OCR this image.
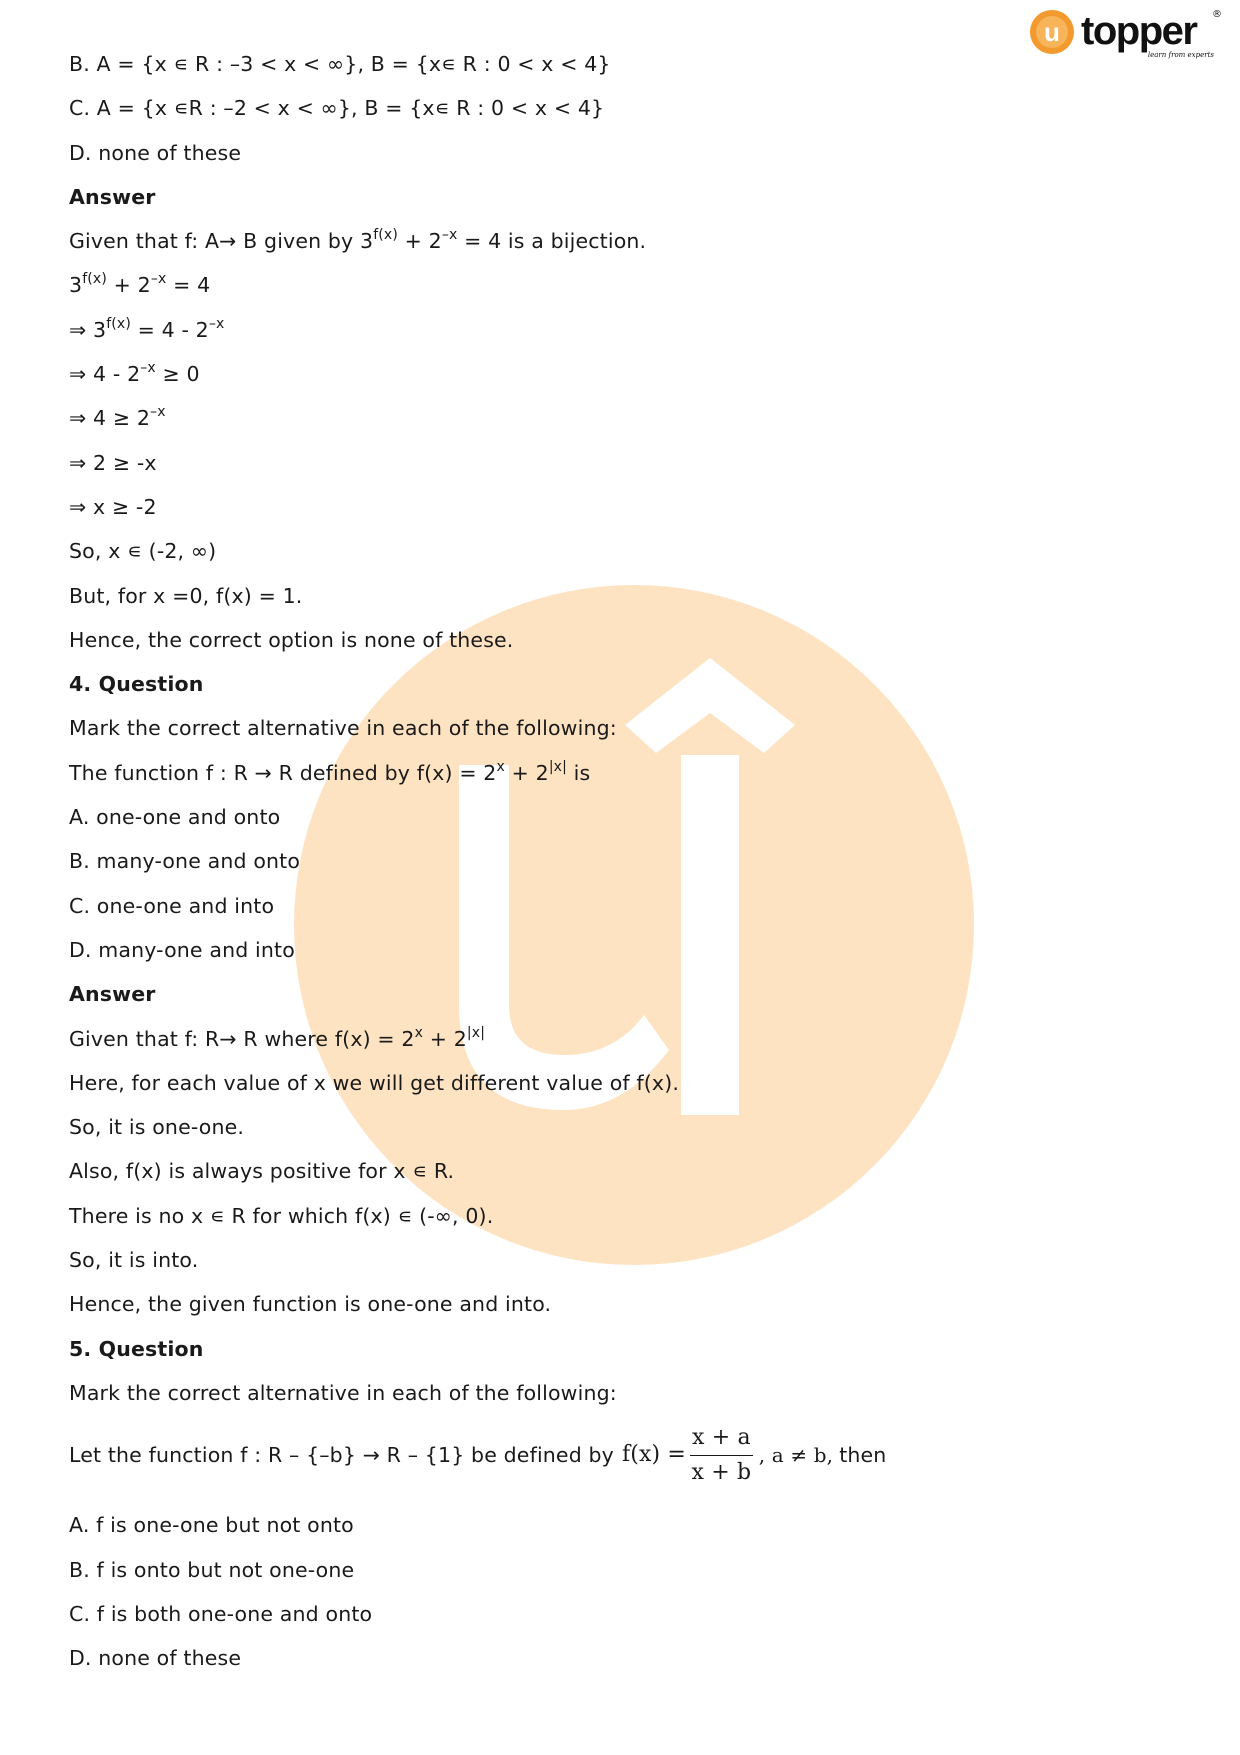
u topper ®
learn from experts
B. A = {x ∊ R : –3 < x < ∞}, B = {x∊ R : 0 < x < 4}
C. A = {x ∊R : –2 < x < ∞}, B = {x∊ R : 0 < x < 4}
D. none of these
Answer
Given that f: A→ B given by $3^{f(x)} + 2^{-x} = 4$ is a bijection.
$3^{f(x)} + 2^{-x} = 4$
⇒ $3^{f(x)} = 4 - 2^{-x}$
⇒ $4 - 2^{-x} \ge 0$
⇒ $4 \ge 2^{-x}$
⇒ 2 ≥ -x
⇒ x ≥ -2
So, x ∊ (-2, ∞)
But, for x =0, f(x) = 1.
Hence, the correct option is none of these.
4. Question
Mark the correct alternative in each of the following:
The function f : R → R defined by $f(x) = 2^x + 2^{|x|}$ is
A. one-one and onto
B. many-one and onto
C. one-one and into
D. many-one and into
Answer
Given that f: R→ R where $f(x) = 2^x + 2^{|x|}$
Here, for each value of x we will get different value of f(x).
So, it is one-one.
Also, f(x) is always positive for x ∊ R.
There is no x ∊ R for which f(x) ∊ (-∞, 0).
So, it is into.
Hence, the given function is one-one and into.
5. Question
Mark the correct alternative in each of the following:
Let the function f : R – {–b} → R – {1} be defined by $f(x) = \frac{x + a}{x + b}$ , a ≠ b, then
A. f is one-one but not onto
B. f is onto but not one-one
C. f is both one-one and onto
D. none of these
